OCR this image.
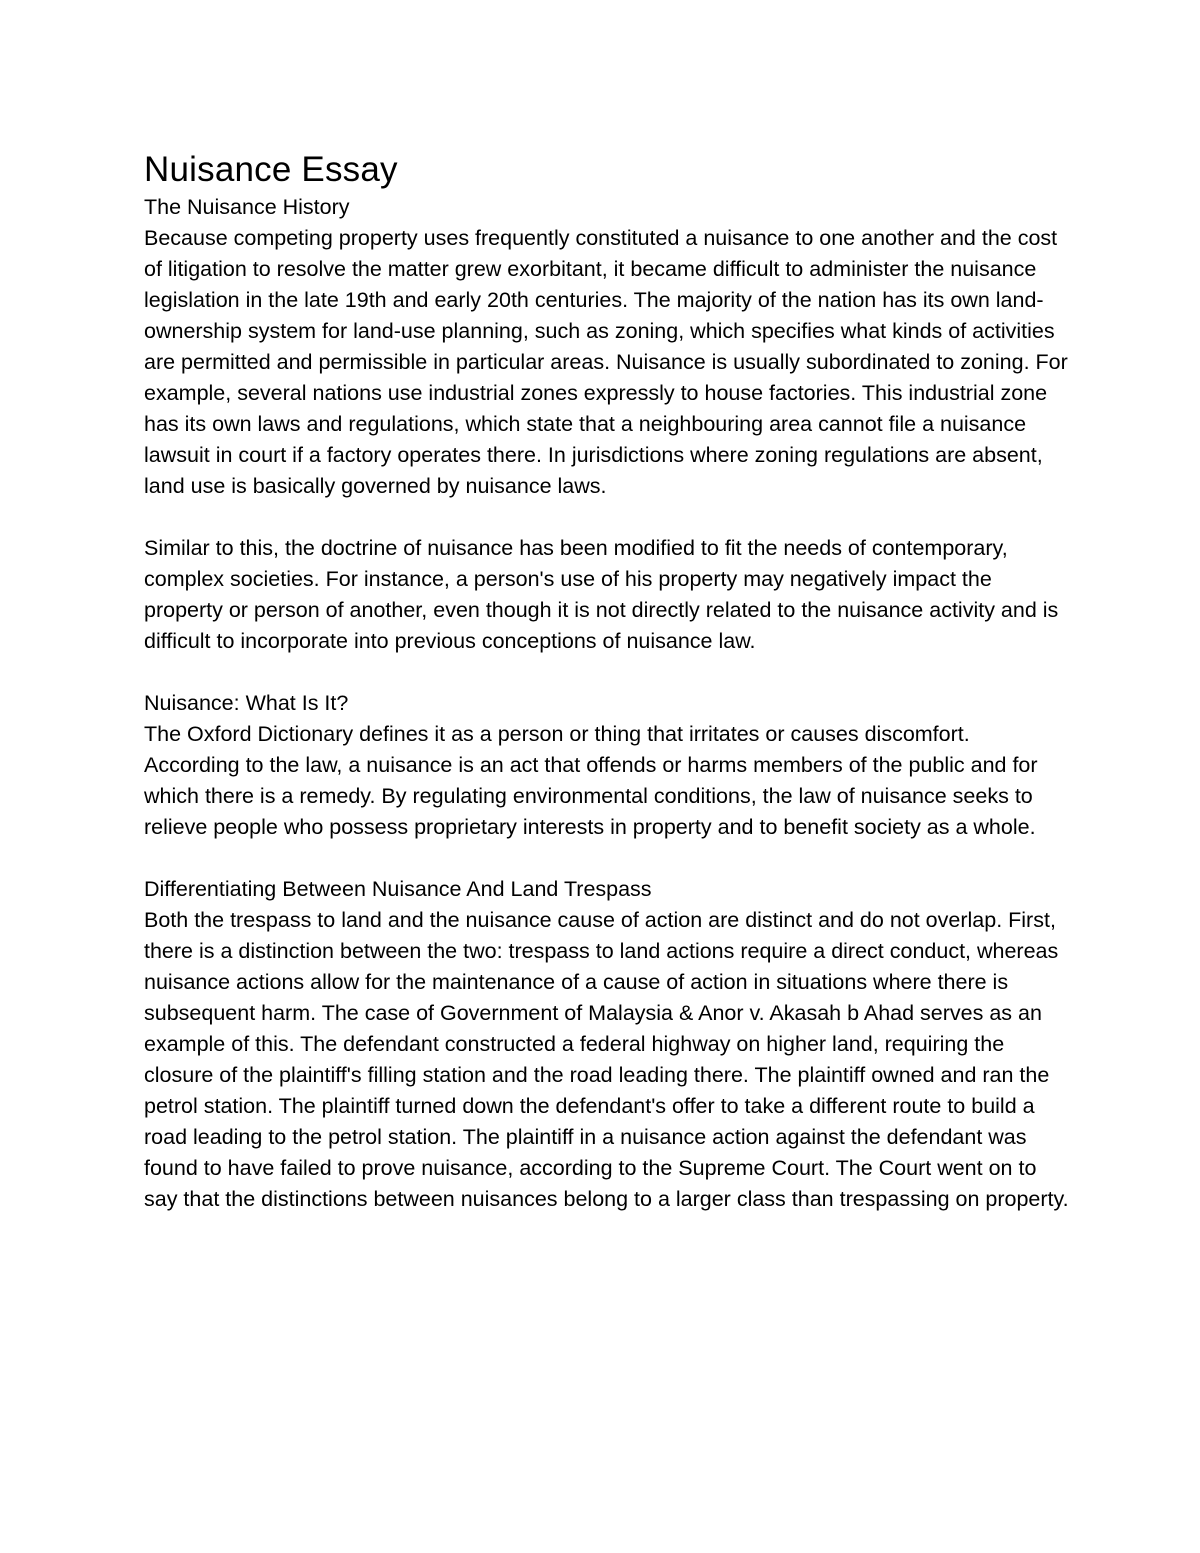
Nuisance Essay

The Nuisance History

Because competing property uses frequently constituted a nuisance to one another and the cost of litigation to resolve the matter grew exorbitant, it became difficult to administer the nuisance legislation in the late 19th and early 20th centuries. The majority of the nation has its own land-ownership system for land-use planning, such as zoning, which specifies what kinds of activities are permitted and permissible in particular areas. Nuisance is usually subordinated to zoning. For example, several nations use industrial zones expressly to house factories. This industrial zone has its own laws and regulations, which state that a neighbouring area cannot file a nuisance lawsuit in court if a factory operates there. In jurisdictions where zoning regulations are absent, land use is basically governed by nuisance laws.

Similar to this, the doctrine of nuisance has been modified to fit the needs of contemporary, complex societies. For instance, a person's use of his property may negatively impact the property or person of another, even though it is not directly related to the nuisance activity and is difficult to incorporate into previous conceptions of nuisance law.

Nuisance: What Is It?

The Oxford Dictionary defines it as a person or thing that irritates or causes discomfort. According to the law, a nuisance is an act that offends or harms members of the public and for which there is a remedy. By regulating environmental conditions, the law of nuisance seeks to relieve people who possess proprietary interests in property and to benefit society as a whole.

Differentiating Between Nuisance And Land Trespass

Both the trespass to land and the nuisance cause of action are distinct and do not overlap. First, there is a distinction between the two: trespass to land actions require a direct conduct, whereas nuisance actions allow for the maintenance of a cause of action in situations where there is subsequent harm. The case of Government of Malaysia & Anor v. Akasah b Ahad serves as an example of this. The defendant constructed a federal highway on higher land, requiring the closure of the plaintiff's filling station and the road leading there. The plaintiff owned and ran the petrol station. The plaintiff turned down the defendant's offer to take a different route to build a road leading to the petrol station. The plaintiff in a nuisance action against the defendant was found to have failed to prove nuisance, according to the Supreme Court. The Court went on to say that the distinctions between nuisances belong to a larger class than trespassing on property.
